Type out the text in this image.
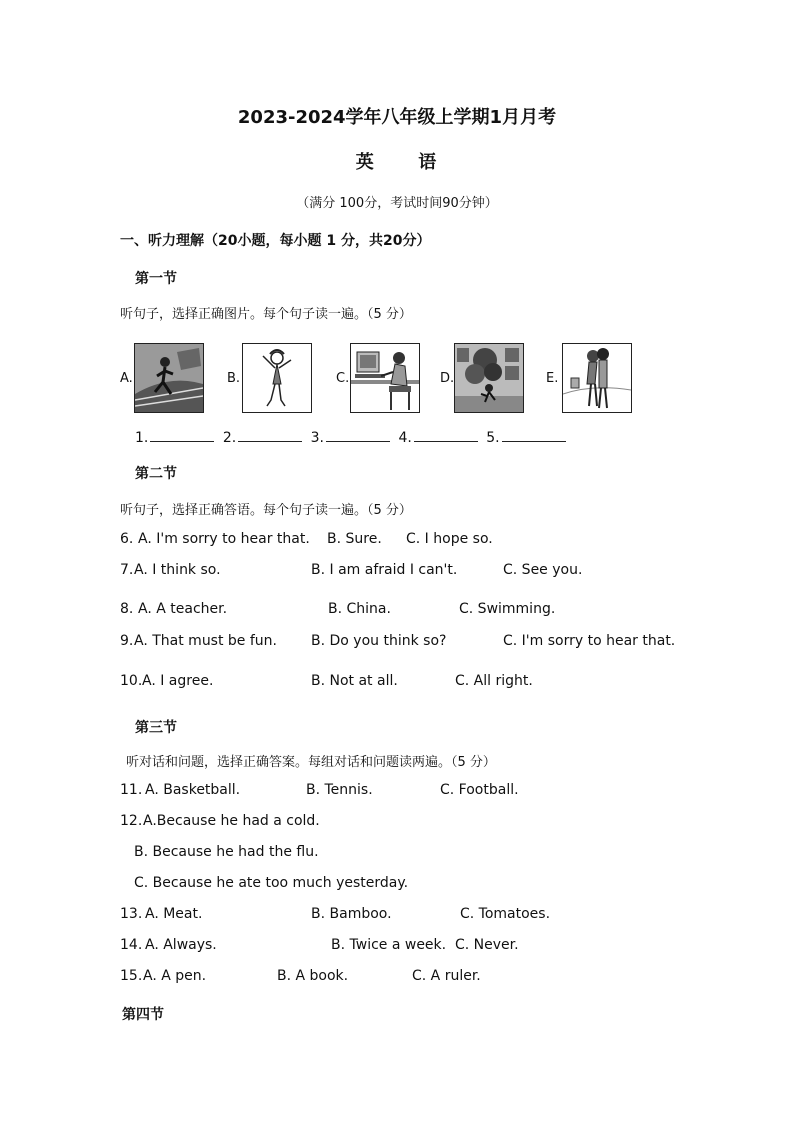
2023-2024学年八年级上学期1月月考
英 语
（满分 100分，考试时间90分钟）
一、听力理解（20小题，每小题 1 分，共20分）
第一节
听句子，选择正确图片。每个句子读一遍。（5 分）
A.	B.	C.	D.	E.
1.	2.	3.	4.	5.
第二节
听句子，选择正确答语。每个句子读一遍。（5 分）
6. A. I'm sorry to hear that. B. Sure. C. I hope so.
7. A. I think so.	B. I am afraid I can't.	C. See you.
8. A. A teacher.	B. China.	C. Swimming.
9. A. That must be fun. B. Do you think so?	C. I'm sorry to hear that.
10. A. I agree.	B. Not at all.	C. All right.
第三节
听对话和问题，选择正确答案。每组对话和问题读两遍。（5 分）
11. A. Basketball.	B. Tennis.	C. Football.
12. A.Because he had a cold.
B. Because he had the flu.
C. Because he ate too much yesterday.
13. A. Meat.	B. Bamboo.	C. Tomatoes.
14. A. Always.	B. Twice a week. C. Never.
15. A. A pen.	B. A book.	C. A ruler.
第四节
